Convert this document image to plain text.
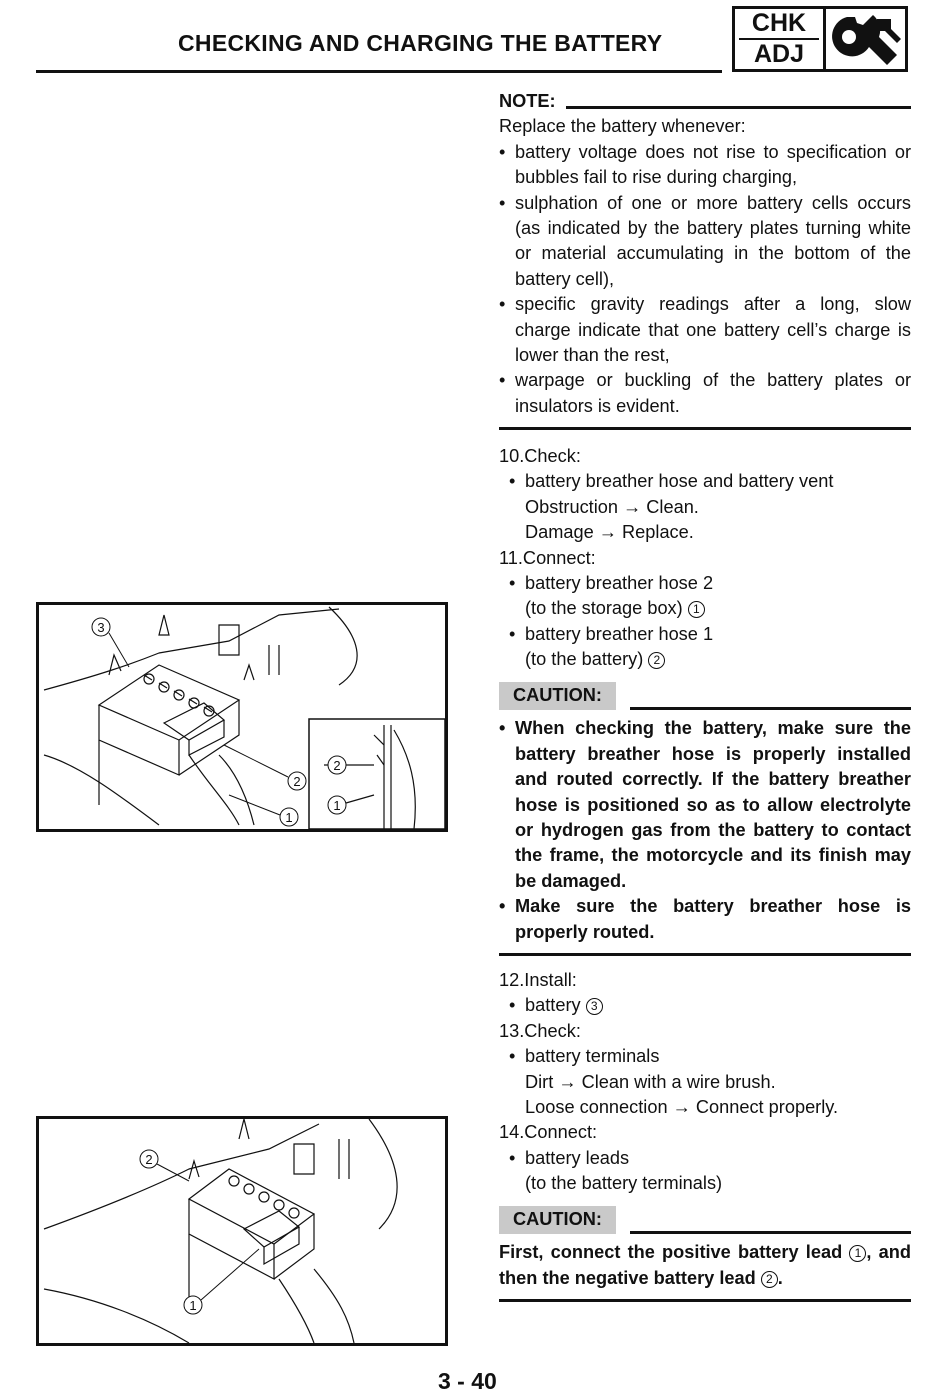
CHECKING AND CHARGING THE BATTERY
CHK
ADJ
NOTE:

Replace the battery whenever:

• battery voltage does not rise to specification or bubbles fail to rise during charging,

• sulphation of one or more battery cells occurs (as indicated by the battery plates turning white or material accumulating in the bottom of the battery cell),

• specific gravity readings after a long, slow charge indicate that one battery cell’s charge is lower than the rest,

• warpage or buckling of the battery plates or insulators is evident.

10.Check:

• battery breather hose and battery vent

Obstruction → Clean.

Damage → Replace.

11.Connect:

• battery breather hose 2

(to the storage box) 1

• battery breather hose 1

(to the battery) 2

CAUTION:

• When checking the battery, make sure the battery breather hose is properly installed and routed correctly. If the battery breather hose is positioned so as to allow electrolyte or hydrogen gas from the battery to contact the frame, the motorcycle and its finish may be damaged.

• Make sure the battery breather hose is properly routed.

12.Install:

• battery 3

13.Check:

• battery terminals

Dirt → Clean with a wire brush.

Loose connection → Connect properly.

14.Connect:

• battery leads

(to the battery terminals)

CAUTION:

First, connect the positive battery lead 1 , and then the negative battery lead 2 .

3
2
1
2
1
2
1
3 - 40
